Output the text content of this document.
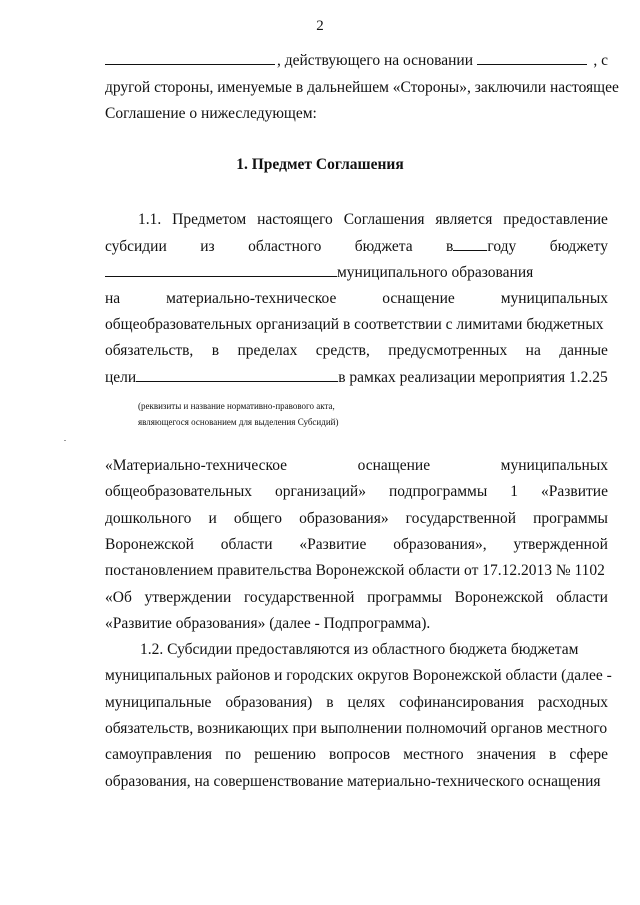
2
, действующего на основании	, с
другой стороны, именуемые в дальнейшем «Стороны», заключили настоящее
Соглашение о нижеследующем:
1. Предмет Соглашения
1.1. Предметом настоящего Соглашения является предоставление
субсидии из областного бюджета в году бюджету
муниципального образования
на	материально-техническое	оснащение	муниципальных
общеобразовательных организаций в соответствии с лимитами бюджетных
обязательств, в пределах средств, предусмотренных на данные
цели	в рамках реализации мероприятия 1.2.25
(реквизиты и название нормативно-правового акта,
являющегося основанием для выделения Субсидий)
«Материально-техническое	оснащение	муниципальных
общеобразовательных организаций» подпрограммы 1 «Развитие
дошкольного и общего образования» государственной программы
Воронежской области «Развитие образования», утвержденной
постановлением правительства Воронежской области от 17.12.2013 № 1102
«Об утверждении государственной программы Воронежской области
«Развитие образования» (далее - Подпрограмма).
1.2. Субсидии предоставляются из областного бюджета бюджетам
муниципальных районов и городских округов Воронежской области (далее -
муниципальные образования) в целях софинансирования расходных
обязательств, возникающих при выполнении полномочий органов местного
самоуправления по решению вопросов местного значения в сфере
образования, на совершенствование материально-технического оснащения
